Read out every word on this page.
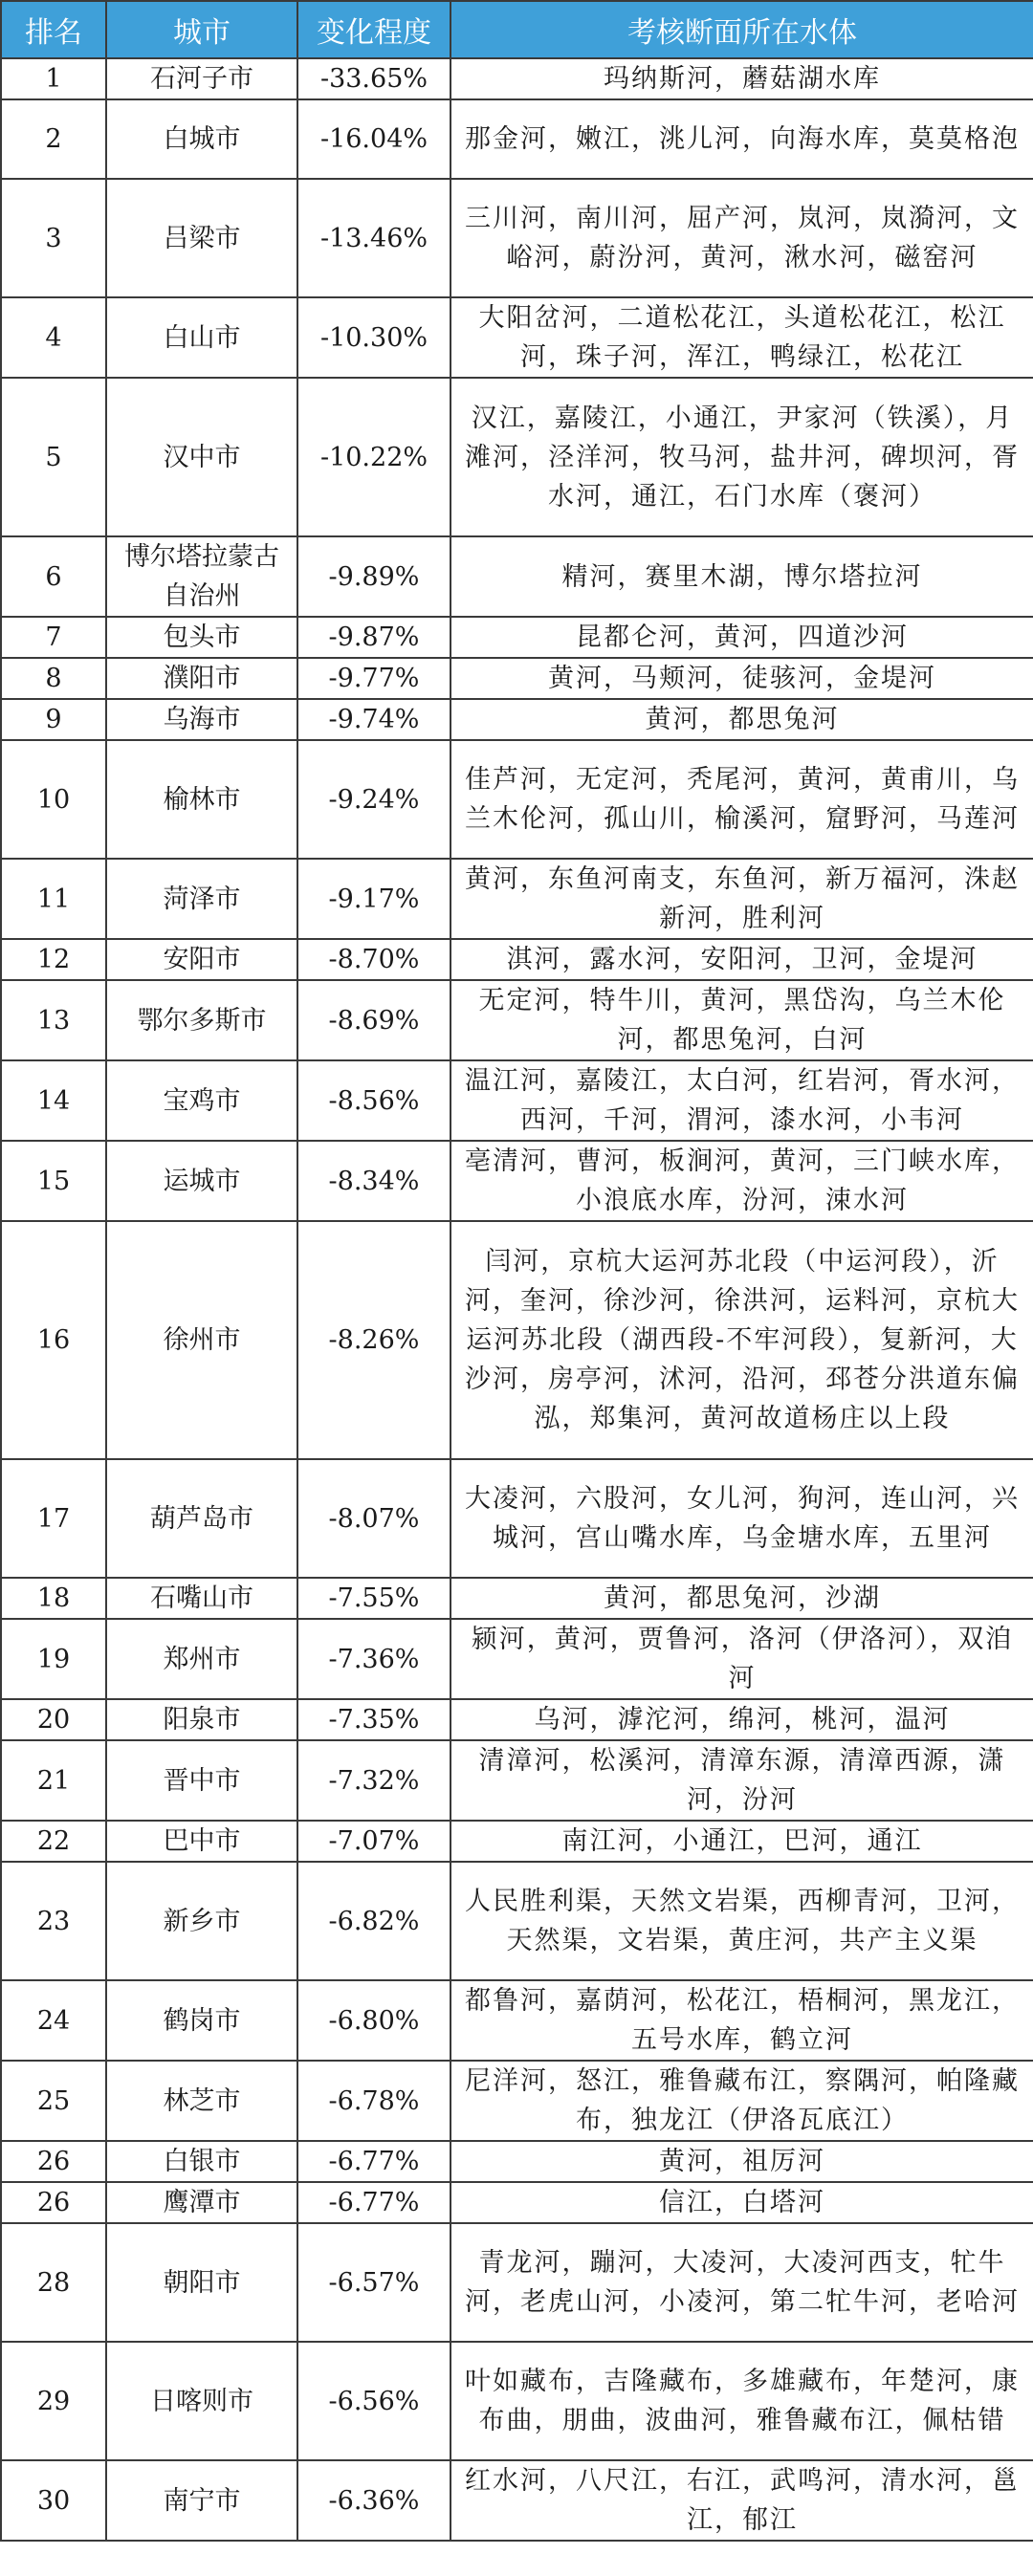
排名	城市	变化程度	考核断面所在水体
1	石河子市	-33.65%	玛纳斯河，蘑菇湖水库
2	白城市	-16.04%	那金河，嫩江，洮儿河，向海水库，莫莫格泡
3	吕梁市	-13.46%	三川河，南川河，屈产河，岚河，岚漪河，文峪河，蔚汾河，黄河，湫水河，磁窑河
4	白山市	-10.30%	大阳岔河，二道松花江，头道松花江，松江河，珠子河，浑江，鸭绿江，松花江
5	汉中市	-10.22%	汉江，嘉陵江，小通江，尹家河（铁溪），月滩河，泾洋河，牧马河，盐井河，碑坝河，胥水河，通江，石门水库（褒河）
6	博尔塔拉蒙古自治州	-9.89%	精河，赛里木湖，博尔塔拉河
7	包头市	-9.87%	昆都仑河，黄河，四道沙河
8	濮阳市	-9.77%	黄河，马颊河，徒骇河，金堤河
9	乌海市	-9.74%	黄河，都思兔河
10	榆林市	-9.24%	佳芦河，无定河，秃尾河，黄河，黄甫川，乌兰木伦河，孤山川，榆溪河，窟野河，马莲河
11	菏泽市	-9.17%	黄河，东鱼河南支，东鱼河，新万福河，洙赵新河，胜利河
12	安阳市	-8.70%	淇河，露水河，安阳河，卫河，金堤河
13	鄂尔多斯市	-8.69%	无定河，特牛川，黄河，黑岱沟，乌兰木伦河，都思兔河，白河
14	宝鸡市	-8.56%	温江河，嘉陵江，太白河，红岩河，胥水河，西河，千河，渭河，漆水河，小韦河
15	运城市	-8.34%	亳清河，曹河，板涧河，黄河，三门峡水库，小浪底水库，汾河，涑水河
16	徐州市	-8.26%	闫河，京杭大运河苏北段（中运河段），沂河，奎河，徐沙河，徐洪河，运料河，京杭大运河苏北段（湖西段-不牢河段），复新河，大沙河，房亭河，沭河，沿河，邳苍分洪道东偏泓，郑集河，黄河故道杨庄以上段
17	葫芦岛市	-8.07%	大凌河，六股河，女儿河，狗河，连山河，兴城河，宫山嘴水库，乌金塘水库，五里河
18	石嘴山市	-7.55%	黄河，都思兔河，沙湖
19	郑州市	-7.36%	颍河，黄河，贾鲁河，洛河（伊洛河），双洎河
20	阳泉市	-7.35%	乌河，滹沱河，绵河，桃河，温河
21	晋中市	-7.32%	清漳河，松溪河，清漳东源，清漳西源，潇河，汾河
22	巴中市	-7.07%	南江河，小通江，巴河，通江
23	新乡市	-6.82%	人民胜利渠，天然文岩渠，西柳青河，卫河，天然渠，文岩渠，黄庄河，共产主义渠
24	鹤岗市	-6.80%	都鲁河，嘉荫河，松花江，梧桐河，黑龙江，五号水库，鹤立河
25	林芝市	-6.78%	尼洋河，怒江，雅鲁藏布江，察隅河，帕隆藏布，独龙江（伊洛瓦底江）
26	白银市	-6.77%	黄河，祖厉河
26	鹰潭市	-6.77%	信江，白塔河
28	朝阳市	-6.57%	青龙河，蹦河，大凌河，大凌河西支，牤牛河，老虎山河，小凌河，第二牤牛河，老哈河
29	日喀则市	-6.56%	叶如藏布，吉隆藏布，多雄藏布，年楚河，康布曲，朋曲，波曲河，雅鲁藏布江，佩枯错
30	南宁市	-6.36%	红水河，八尺江，右江，武鸣河，清水河，邕江，郁江
